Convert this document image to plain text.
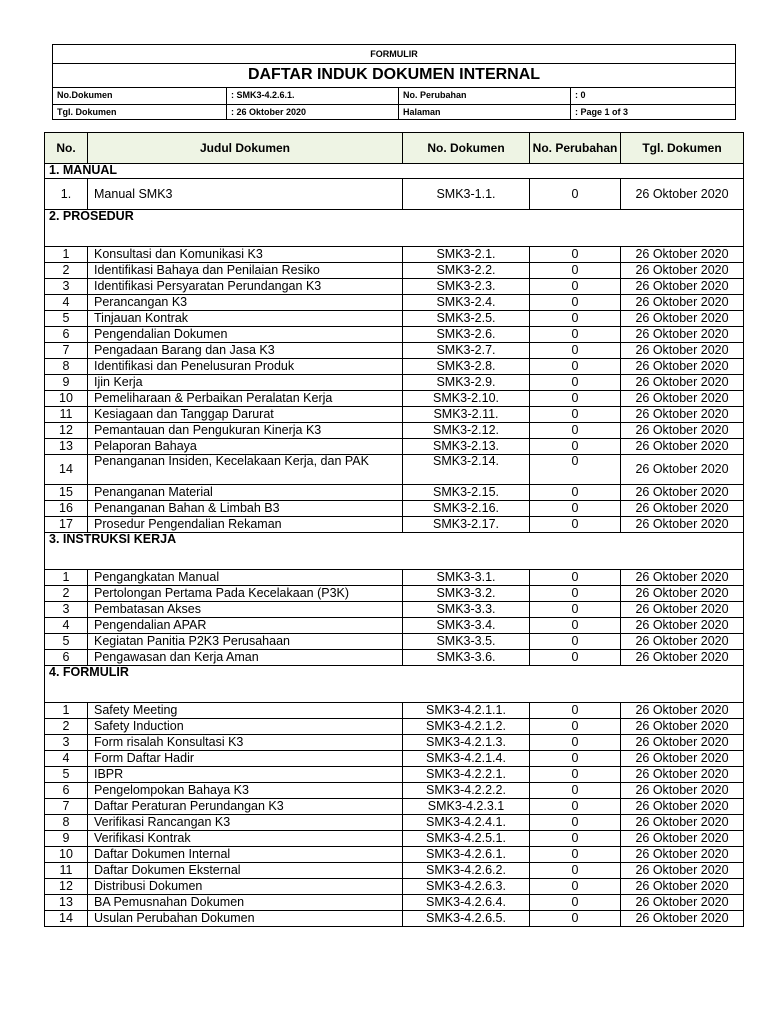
FORMULIR
DAFTAR INDUK DOKUMEN INTERNAL
No.Dokumen	: SMK3-4.2.6.1.	No. Perubahan	: 0
Tgl. Dokumen	: 26 Oktober 2020	Halaman	: Page 1 of 3
No.	Judul Dokumen	No. Dokumen	No. Perubahan	Tgl. Dokumen
1. MANUAL				
1.	Manual SMK3	SMK3-1.1.	0	26 Oktober 2020
2. PROSEDUR				

1	Konsultasi dan Komunikasi K3	SMK3-2.1.	0	26 Oktober 2020
2	Identifikasi Bahaya dan Penilaian Resiko	SMK3-2.2.	0	26 Oktober 2020
3	Identifikasi Persyaratan Perundangan K3	SMK3-2.3.	0	26 Oktober 2020
4	Perancangan K3	SMK3-2.4.	0	26 Oktober 2020
5	Tinjauan Kontrak	SMK3-2.5.	0	26 Oktober 2020
6	Pengendalian Dokumen	SMK3-2.6.	0	26 Oktober 2020
7	Pengadaan Barang dan Jasa K3	SMK3-2.7.	0	26 Oktober 2020
8	Identifikasi dan Penelusuran Produk	SMK3-2.8.	0	26 Oktober 2020
9	Ijin Kerja	SMK3-2.9.	0	26 Oktober 2020
10	Pemeliharaan & Perbaikan Peralatan Kerja	SMK3-2.10.	0	26 Oktober 2020
11	Kesiagaan dan Tanggap Darurat	SMK3-2.11.	0	26 Oktober 2020
12	Pemantauan dan Pengukuran Kinerja K3	SMK3-2.12.	0	26 Oktober 2020
13	Pelaporan Bahaya	SMK3-2.13.	0	26 Oktober 2020
14	Penanganan Insiden, Kecelakaan Kerja, dan PAK	SMK3-2.14.	0	26 Oktober 2020
15	Penanganan Material	SMK3-2.15.	0	26 Oktober 2020
16	Penanganan Bahan & Limbah B3	SMK3-2.16.	0	26 Oktober 2020
17	Prosedur Pengendalian Rekaman	SMK3-2.17.	0	26 Oktober 2020
3. INSTRUKSI KERJA				

1	Pengangkatan Manual	SMK3-3.1.	0	26 Oktober 2020
2	Pertolongan Pertama Pada Kecelakaan (P3K)	SMK3-3.2.	0	26 Oktober 2020
3	Pembatasan Akses	SMK3-3.3.	0	26 Oktober 2020
4	Pengendalian APAR	SMK3-3.4.	0	26 Oktober 2020
5	Kegiatan Panitia P2K3 Perusahaan	SMK3-3.5.	0	26 Oktober 2020
6	Pengawasan dan Kerja Aman	SMK3-3.6.	0	26 Oktober 2020
4. FORMULIR				

1	Safety Meeting	SMK3-4.2.1.1.	0	26 Oktober 2020
2	Safety Induction	SMK3-4.2.1.2.	0	26 Oktober 2020
3	Form risalah Konsultasi K3	SMK3-4.2.1.3.	0	26 Oktober 2020
4	Form Daftar Hadir	SMK3-4.2.1.4.	0	26 Oktober 2020
5	IBPR	SMK3-4.2.2.1.	0	26 Oktober 2020
6	Pengelompokan Bahaya K3	SMK3-4.2.2.2.	0	26 Oktober 2020
7	Daftar Peraturan Perundangan K3	SMK3-4.2.3.1	0	26 Oktober 2020
8	Verifikasi Rancangan K3	SMK3-4.2.4.1.	0	26 Oktober 2020
9	Verifikasi Kontrak	SMK3-4.2.5.1.	0	26 Oktober 2020
10	Daftar Dokumen Internal	SMK3-4.2.6.1.	0	26 Oktober 2020
11	Daftar Dokumen Eksternal	SMK3-4.2.6.2.	0	26 Oktober 2020
12	Distribusi Dokumen	SMK3-4.2.6.3.	0	26 Oktober 2020
13	BA Pemusnahan Dokumen	SMK3-4.2.6.4.	0	26 Oktober 2020
14	Usulan Perubahan Dokumen	SMK3-4.2.6.5.	0	26 Oktober 2020
